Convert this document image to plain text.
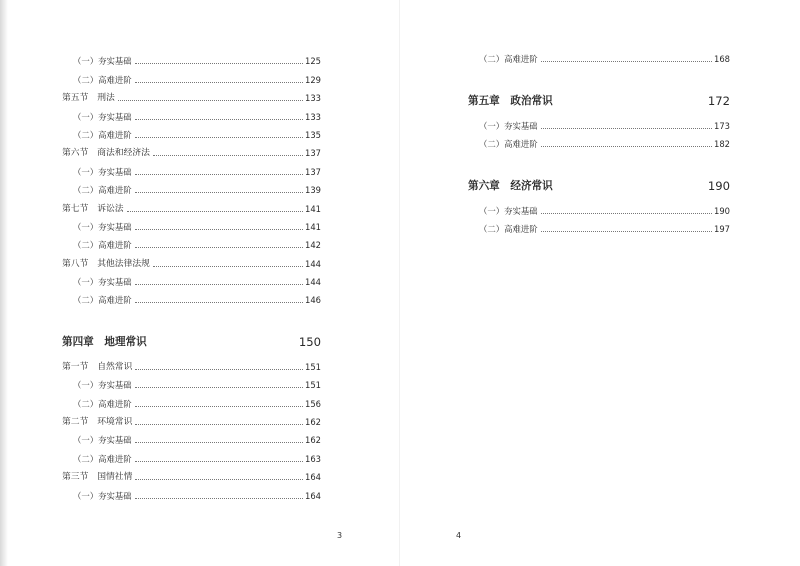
（一）夯实基础	125
（二）高难进阶	129
第五节　刑法	133
（一）夯实基础	133
（二）高难进阶	135
第六节　商法和经济法	137
（一）夯实基础	137
（二）高难进阶	139
第七节　诉讼法	141
（一）夯实基础	141
（二）高难进阶	142
第八节　其他法律法规	144
（一）夯实基础	144
（二）高难进阶	146
第四章　地理常识	150
第一节　自然常识	151
（一）夯实基础	151
（二）高难进阶	156
第二节　环境常识	162
（一）夯实基础	162
（二）高难进阶	163
第三节　国情社情	164
（一）夯实基础	164
3
（二）高难进阶	168
第五章　政治常识	172
（一）夯实基础	173
（二）高难进阶	182
第六章　经济常识	190
（一）夯实基础	190
（二）高难进阶	197
4
